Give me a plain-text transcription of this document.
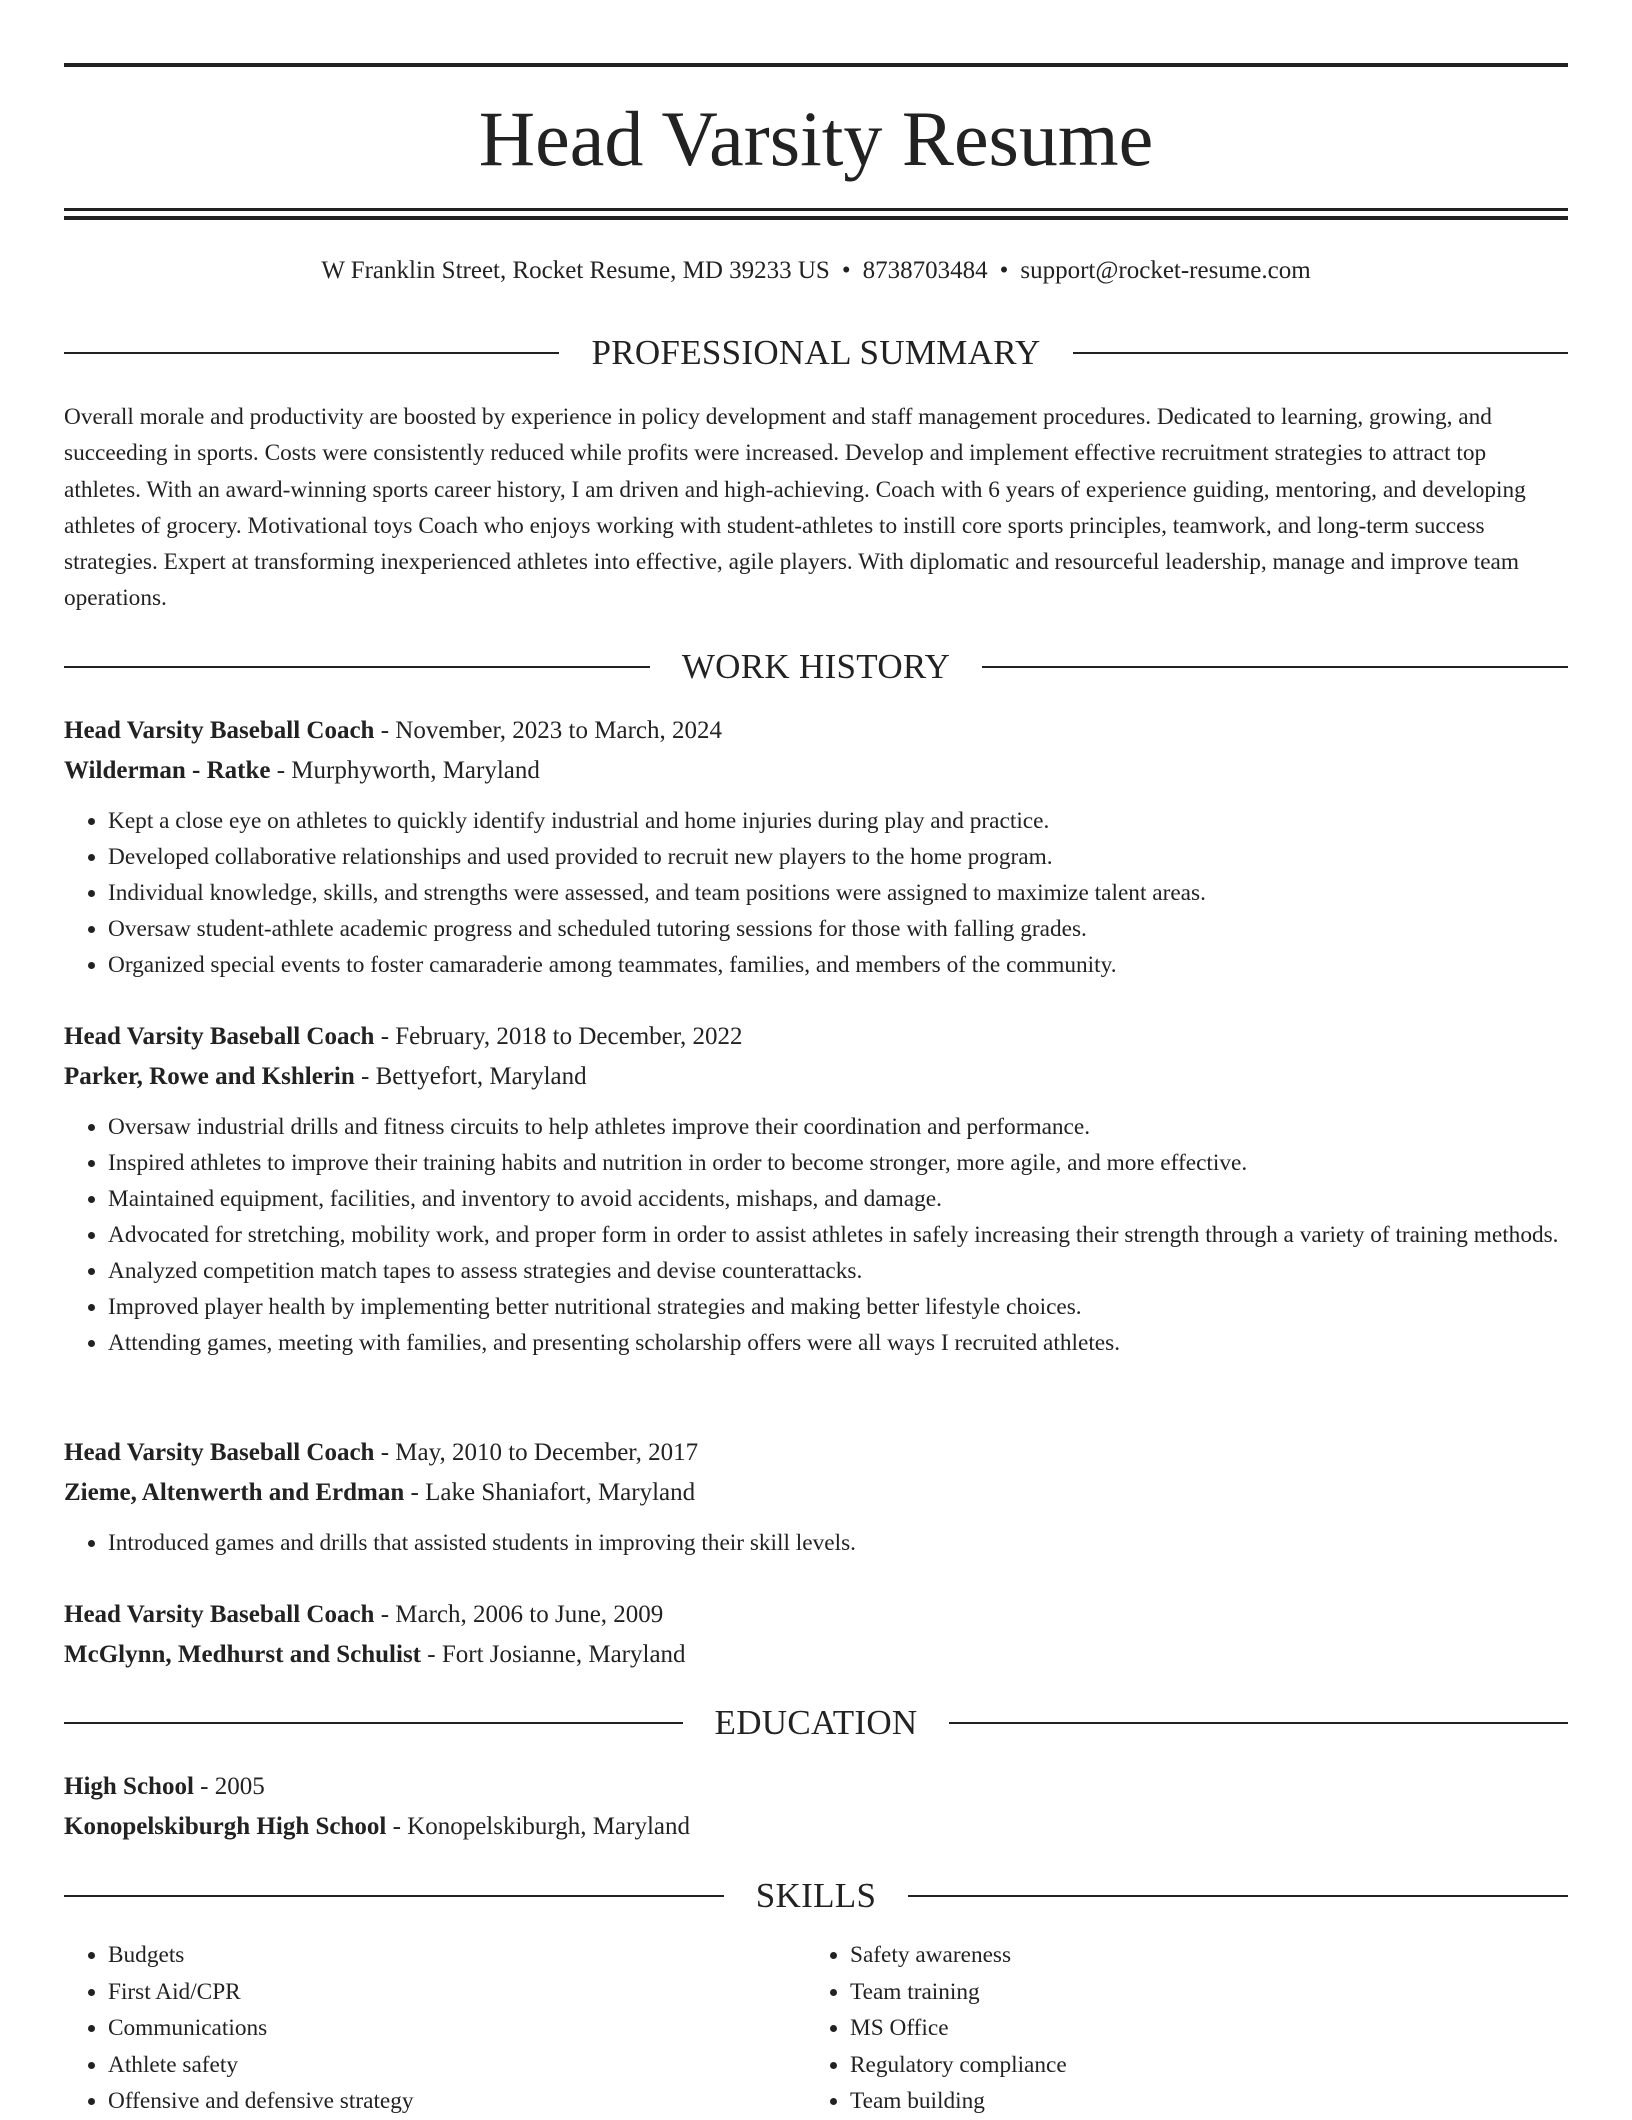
Head Varsity Resume
W Franklin Street, Rocket Resume, MD 39233 US • 8738703484 • support@rocket-resume.com
PROFESSIONAL SUMMARY

Overall morale and productivity are boosted by experience in policy development and staff management procedures. Dedicated to learning, growing, and succeeding in sports. Costs were consistently reduced while profits were increased. Develop and implement effective recruitment strategies to attract top athletes. With an award-winning sports career history, I am driven and high-achieving. Coach with 6 years of experience guiding, mentoring, and developing athletes of grocery. Motivational toys Coach who enjoys working with student-athletes to instill core sports principles, teamwork, and long-term success strategies. Expert at transforming inexperienced athletes into effective, agile players. With diplomatic and resourceful leadership, manage and improve team operations.

WORK HISTORY
Head Varsity Baseball Coach - November, 2023 to March, 2024
Wilderman - Ratke - Murphyworth, Maryland
• Kept a close eye on athletes to quickly identify industrial and home injuries during play and practice.
• Developed collaborative relationships and used provided to recruit new players to the home program.
• Individual knowledge, skills, and strengths were assessed, and team positions were assigned to maximize talent areas.
• Oversaw student-athlete academic progress and scheduled tutoring sessions for those with falling grades.
• Organized special events to foster camaraderie among teammates, families, and members of the community.
Head Varsity Baseball Coach - February, 2018 to December, 2022
Parker, Rowe and Kshlerin - Bettyefort, Maryland
• Oversaw industrial drills and fitness circuits to help athletes improve their coordination and performance.
• Inspired athletes to improve their training habits and nutrition in order to become stronger, more agile, and more effective.
• Maintained equipment, facilities, and inventory to avoid accidents, mishaps, and damage.
• Advocated for stretching, mobility work, and proper form in order to assist athletes in safely increasing their strength through a variety of training methods.
• Analyzed competition match tapes to assess strategies and devise counterattacks.
• Improved player health by implementing better nutritional strategies and making better lifestyle choices.
• Attending games, meeting with families, and presenting scholarship offers were all ways I recruited athletes.
Head Varsity Baseball Coach - May, 2010 to December, 2017
Zieme, Altenwerth and Erdman - Lake Shaniafort, Maryland
• Introduced games and drills that assisted students in improving their skill levels.
Head Varsity Baseball Coach - March, 2006 to June, 2009
McGlynn, Medhurst and Schulist - Fort Josianne, Maryland
EDUCATION
High School - 2005
Konopelskiburgh High School - Konopelskiburgh, Maryland
SKILLS
• Budgets
• First Aid/CPR
• Communications
• Athlete safety
• Offensive and defensive strategy
• Safety awareness
• Team training
• MS Office
• Regulatory compliance
• Team building
